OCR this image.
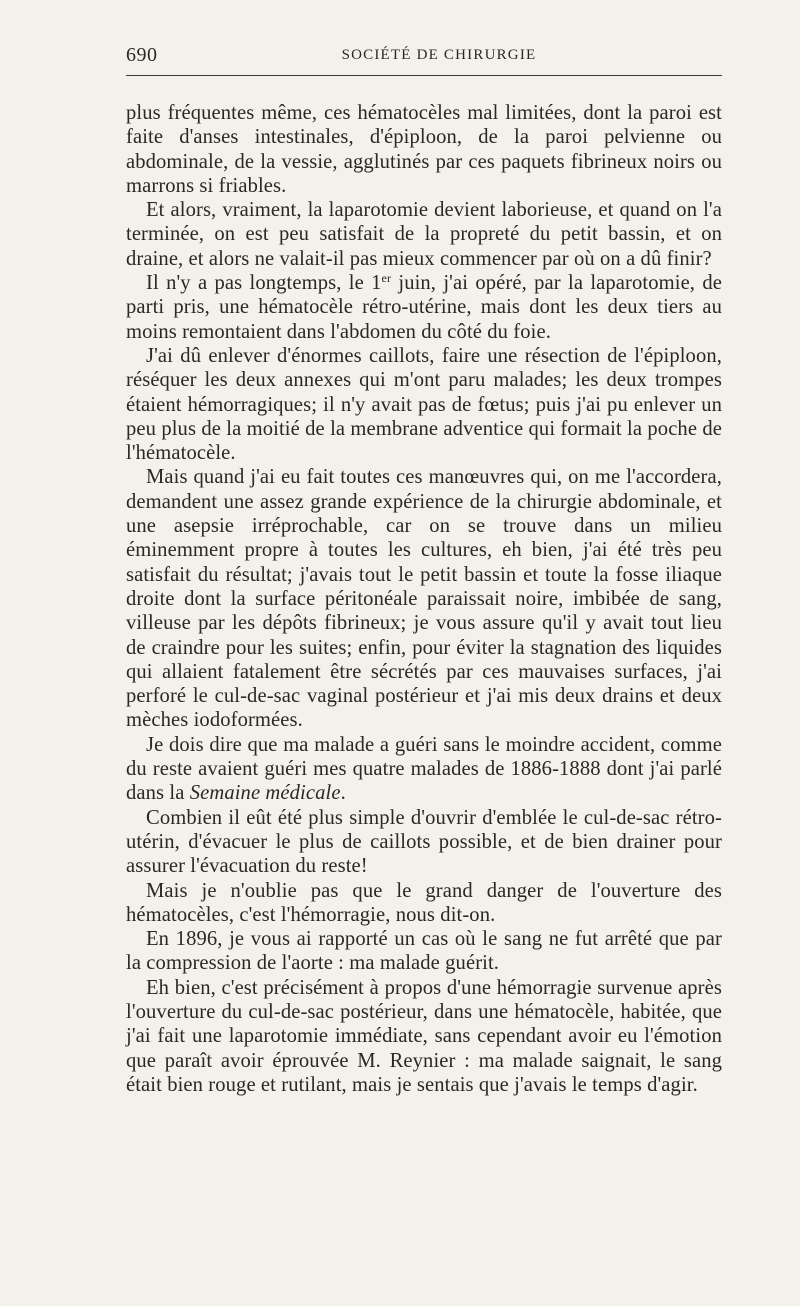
690	SOCIÉTÉ DE CHIRURGIE

plus fréquentes même, ces hématocèles mal limitées, dont la paroi est faite d'anses intestinales, d'épiploon, de la paroi pelvienne ou abdominale, de la vessie, agglutinés par ces paquets fibrineux noirs ou marrons si friables.

Et alors, vraiment, la laparotomie devient laborieuse, et quand on l'a terminée, on est peu satisfait de la propreté du petit bassin, et on draine, et alors ne valait-il pas mieux commencer par où on a dû finir?

Il n'y a pas longtemps, le 1er juin, j'ai opéré, par la laparotomie, de parti pris, une hématocèle rétro-utérine, mais dont les deux tiers au moins remontaient dans l'abdomen du côté du foie.

J'ai dû enlever d'énormes caillots, faire une résection de l'épiploon, réséquer les deux annexes qui m'ont paru malades; les deux trompes étaient hémorragiques; il n'y avait pas de fœtus; puis j'ai pu enlever un peu plus de la moitié de la membrane adventice qui formait la poche de l'hématocèle.

Mais quand j'ai eu fait toutes ces manœuvres qui, on me l'accordera, demandent une assez grande expérience de la chirurgie abdominale, et une asepsie irréprochable, car on se trouve dans un milieu éminemment propre à toutes les cultures, eh bien, j'ai été très peu satisfait du résultat; j'avais tout le petit bassin et toute la fosse iliaque droite dont la surface péritonéale paraissait noire, imbibée de sang, villeuse par les dépôts fibrineux; je vous assure qu'il y avait tout lieu de craindre pour les suites; enfin, pour éviter la stagnation des liquides qui allaient fatalement être sécrétés par ces mauvaises surfaces, j'ai perforé le cul-de-sac vaginal postérieur et j'ai mis deux drains et deux mèches iodoformées.

Je dois dire que ma malade a guéri sans le moindre accident, comme du reste avaient guéri mes quatre malades de 1886-1888 dont j'ai parlé dans la Semaine médicale.

Combien il eût été plus simple d'ouvrir d'emblée le cul-de-sac rétro-utérin, d'évacuer le plus de caillots possible, et de bien drainer pour assurer l'évacuation du reste!

Mais je n'oublie pas que le grand danger de l'ouverture des hématocèles, c'est l'hémorragie, nous dit-on.

En 1896, je vous ai rapporté un cas où le sang ne fut arrêté que par la compression de l'aorte : ma malade guérit.

Eh bien, c'est précisément à propos d'une hémorragie survenue après l'ouverture du cul-de-sac postérieur, dans une hématocèle, habitée, que j'ai fait une laparotomie immédiate, sans cependant avoir eu l'émotion que paraît avoir éprouvée M. Reynier : ma malade saignait, le sang était bien rouge et rutilant, mais je sentais que j'avais le temps d'agir.
